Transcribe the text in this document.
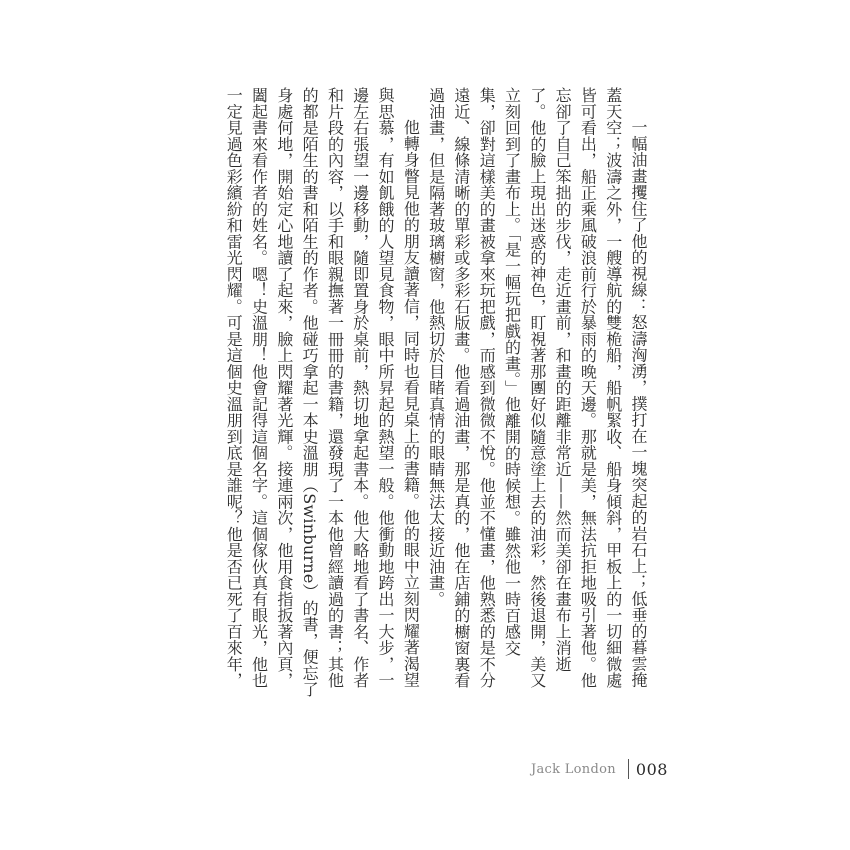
一幅油畫攫住了他的視線：怒濤洶湧，撲打在一塊突起的岩石上；低垂的暮雲掩

蓋天空；波濤之外，一艘導航的雙桅船，船帆緊收、船身傾斜，甲板上的一切細微處

皆可看出，船正乘風破浪前行於暴雨的晚天邊。那就是美，無法抗拒地吸引著他。他

忘卻了自己笨拙的步伐，走近畫前，和畫的距離非常近——然而美卻在畫布上消逝

了。他的臉上現出迷惑的神色，盯視著那團好似隨意塗上去的油彩，然後退開，美又

立刻回到了畫布上。「是一幅玩把戲的畫。」他離開的時候想。雖然他一時百感交

集，卻對這樣美的畫被拿來玩把戲，而感到微微不悅。他並不懂畫，他熟悉的是不分

遠近、線條清晰的單彩或多彩石版畫。他看過油畫，那是真的，他在店鋪的櫥窗裏看

過油畫，但是隔著玻璃櫥窗，他熱切於目睹真情的眼睛無法太接近油畫。

他轉身瞥見他的朋友讀著信，同時也看見桌上的書籍。他的眼中立刻閃耀著渴望

與思慕，有如飢餓的人望見食物，眼中所昇起的熱望一般。他衝動地跨出一大步，一

邊左右張望一邊移動，隨即置身於桌前，熱切地拿起書本。他大略地看了書名、作者

和片段的內容，以手和眼親撫著一冊冊的書籍，還發現了一本他曾經讀過的書；其他

的都是陌生的書和陌生的作者。他碰巧拿起一本史溫朋（Swinburne）的書，便忘了

身處何地，開始定心地讀了起來，臉上閃耀著光輝。接連兩次，他用食指扳著內頁，

闔起書來看作者的姓名。嗯！史溫朋！他會記得這個名字。這個傢伙真有眼光，他也

一定見過色彩繽紛和雷光閃耀。可是這個史溫朋到底是誰呢？他是否已死了百來年，

Jack London 008
